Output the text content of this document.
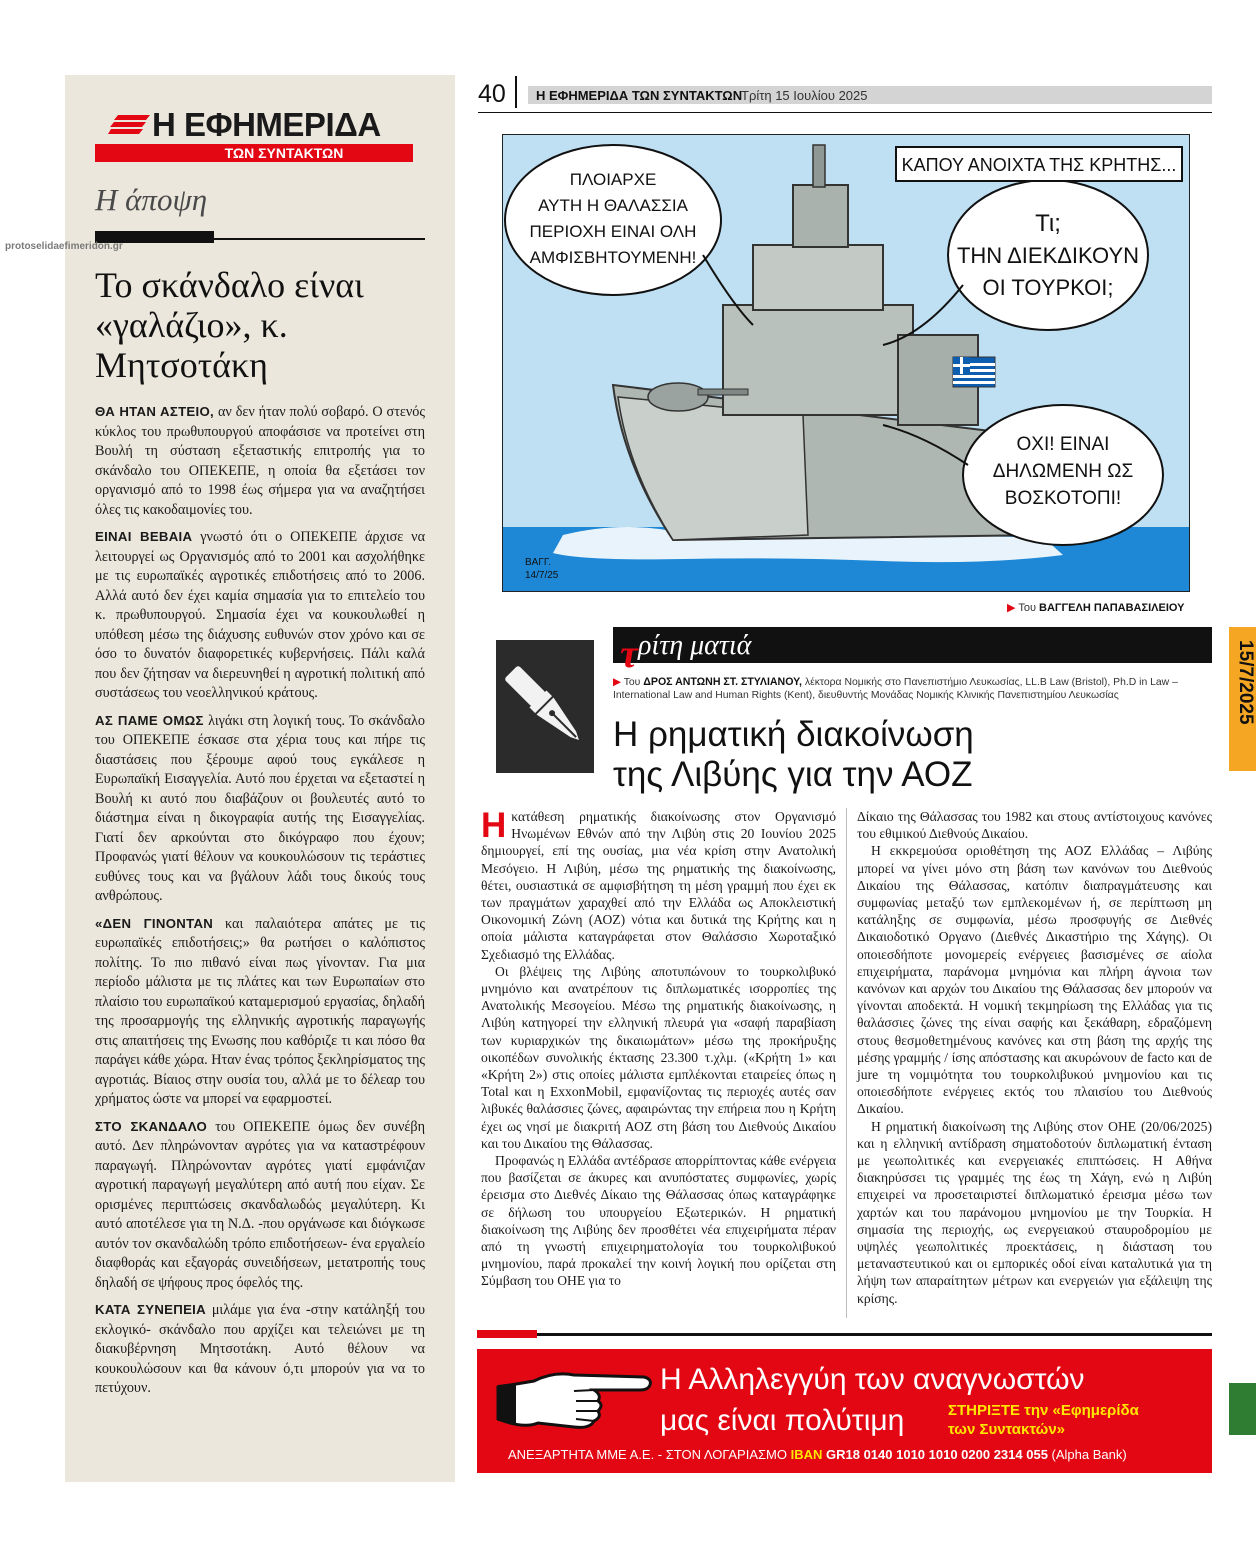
Η ΕΦΗΜΕΡΙΔΑ
ΤΩΝ ΣΥΝΤΑΚΤΩΝ
Η άποψη
protoselidaefimeridon.gr
Το σκάνδαλο είναι «γαλάζιο», κ. Μητσοτάκη

ΘΑ ΗΤΑΝ ΑΣΤΕΙΟ, αν δεν ήταν πολύ σοβαρό. Ο στενός κύκλος του πρωθυπουργού αποφάσισε να προτείνει στη Βουλή τη σύσταση εξεταστικής επιτροπής για το σκάνδαλο του ΟΠΕΚΕΠΕ, η οποία θα εξετάσει τον οργανισμό από το 1998 έως σήμερα για να αναζητήσει όλες τις κακοδαιμονίες του.

ΕΙΝΑΙ ΒΕΒΑΙΑ γνωστό ότι ο ΟΠΕΚΕΠΕ άρχισε να λειτουργεί ως Οργανισμός από το 2001 και ασχολήθηκε με τις ευρωπαϊκές αγροτικές επιδοτήσεις από το 2006. Αλλά αυτό δεν έχει καμία σημασία για το επιτελείο του κ. πρωθυπουργού. Σημασία έχει να κουκουλωθεί η υπόθεση μέσω της διάχυσης ευθυνών στον χρόνο και σε όσο το δυνατόν διαφορετικές κυβερνήσεις. Πάλι καλά που δεν ζήτησαν να διερευνηθεί η αγροτική πολιτική από συστάσεως του νεοελληνικού κράτους.

ΑΣ ΠΑΜΕ ΟΜΩΣ λιγάκι στη λογική τους. Το σκάνδαλο του ΟΠΕΚΕΠΕ έσκασε στα χέρια τους και πήρε τις διαστάσεις που ξέρουμε αφού τους εγκάλεσε η Ευρωπαϊκή Εισαγγελία. Αυτό που έρχεται να εξεταστεί η Βουλή κι αυτό που διαβάζουν οι βουλευτές αυτό το διάστημα είναι η δικογραφία αυτής της Εισαγγελίας. Γιατί δεν αρκούνται στο δικόγραφο που έχουν; Προφανώς γιατί θέλουν να κουκουλώσουν τις τεράστιες ευθύνες τους και να βγάλουν λάδι τους δικούς τους ανθρώπους.

«ΔΕΝ ΓΙΝΟΝΤΑΝ και παλαιότερα απάτες με τις ευρωπαϊκές επιδοτήσεις;» θα ρωτήσει ο καλόπιστος πολίτης. Το πιο πιθανό είναι πως γίνονταν. Για μια περίοδο μάλιστα με τις πλάτες και των Ευρωπαίων στο πλαίσιο του ευρωπαϊκού καταμερισμού εργασίας, δηλαδή της προσαρμογής της ελληνικής αγροτικής παραγωγής στις απαιτήσεις της Ενωσης που καθόριζε τι και πόσο θα παράγει κάθε χώρα. Ηταν ένας τρόπος ξεκληρίσματος της αγροτιάς. Βίαιος στην ουσία του, αλλά με το δέλεαρ του χρήματος ώστε να μπορεί να εφαρμοστεί.

ΣΤΟ ΣΚΑΝΔΑΛΟ του ΟΠΕΚΕΠΕ όμως δεν συνέβη αυτό. Δεν πληρώνονταν αγρότες για να καταστρέφουν παραγωγή. Πληρώνονταν αγρότες γιατί εμφάνιζαν αγροτική παραγωγή μεγαλύτερη από αυτή που είχαν. Σε ορισμένες περιπτώσεις σκανδαλωδώς μεγαλύτερη. Κι αυτό αποτέλεσε για τη Ν.Δ. -που οργάνωσε και διόγκωσε αυτόν τον σκανδαλώδη τρόπο επιδοτήσεων- ένα εργαλείο διαφθοράς και εξαγοράς συνειδήσεων, μετατροπής τους δηλαδή σε ψήφους προς όφελός της.

ΚΑΤΑ ΣΥΝΕΠΕΙΑ μιλάμε για ένα -στην κατάληξή του εκλογικό- σκάνδαλο που αρχίζει και τελειώνει με τη διακυβέρνηση Μητσοτάκη. Αυτό θέλουν να κουκουλώσουν και θα κάνουν ό,τι μπορούν για να το πετύχουν.

40 Η ΕΦΗΜΕΡΙΔΑ ΤΩΝ ΣΥΝΤΑΚΤΩΝ
Τρίτη 15 Ιουλίου 2025
ΚΑΠΟΥ ΑΝΟΙΧΤΑ ΤΗΣ ΚΡΗΤΗΣ...
ΠΛΟΙΑΡΧΕ
ΑΥΤΗ Η ΘΑΛΑΣΣΙΑ
ΠΕΡΙΟΧΗ ΕΙΝΑΙ ΟΛΗ
ΑΜΦΙΣΒΗΤΟΥΜΕΝΗ!
Τι;
ΤΗΝ ΔΙΕΚΔΙΚΟΥΝ
ΟΙ ΤΟΥΡΚΟΙ;
ΟΧΙ! ΕΙΝΑΙ
ΔΗΛΩΜΕΝΗ ΩΣ
ΒΟΣΚΟΤΟΠΙ!
ΒΑΓΓ.
14/7/25
▶ Του ΒΑΓΓΕΛΗ ΠΑΠΑΒΑΣΙΛΕΙΟΥ
15/7/2025
τ ρίτη ματιά
▶ Του ΔΡΟΣ ΑΝΤΩΝΗ ΣΤ. ΣΤΥΛΙΑΝΟΥ, λέκτορα Νομικής στο Πανεπιστήμιο Λευκωσίας, LL.B Law (Bristol), Ph.D in Law – International Law and Human Rights (Kent), διευθυντής Μονάδας Νομικής Κλινικής Πανεπιστημίου Λευκωσίας
Η ρηματική διακοίνωση
της Λιβύης για την ΑΟΖ

Ηκατάθεση ρηματικής διακοίνωσης στον Οργανισμό Ηνωμένων Εθνών από την Λιβύη στις 20 Ιουνίου 2025 δημιουργεί, επί της ουσίας, μια νέα κρίση στην Ανατολική Μεσόγειο. Η Λιβύη, μέσω της ρηματικής της διακοίνωσης, θέτει, ουσιαστικά σε αμφισβήτηση τη μέση γραμμή που έχει εκ των πραγμάτων χαραχθεί από την Ελλάδα ως Αποκλειστική Οικονομική Ζώνη (ΑΟΖ) νότια και δυτικά της Κρήτης και η οποία μάλιστα καταγράφεται στον Θαλάσσιο Χωροταξικό Σχεδιασμό της Ελλάδας.

Οι βλέψεις της Λιβύης αποτυπώνουν το τουρκολιβυκό μνημόνιο και ανατρέπουν τις διπλωματικές ισορροπίες της Ανατολικής Μεσογείου. Μέσω της ρηματικής διακοίνωσης, η Λιβύη κατηγορεί την ελληνική πλευρά για «σαφή παραβίαση των κυριαρχικών της δικαιωμάτων» μέσω της προκήρυξης οικοπέδων συνολικής έκτασης 23.300 τ.χλμ. («Κρήτη 1» και «Κρήτη 2») στις οποίες μάλιστα εμπλέκονται εταιρείες όπως η Total και η ExxonMobil, εμφανίζοντας τις περιοχές αυτές σαν λιβυκές θαλάσσιες ζώνες, αφαιρώντας την επήρεια που η Κρήτη έχει ως νησί με διακριτή ΑΟΖ στη βάση του Διεθνούς Δικαίου και του Δικαίου της Θάλασσας.

Προφανώς η Ελλάδα αντέδρασε απορρίπτοντας κάθε ενέργεια που βασίζεται σε άκυρες και ανυπόστατες συμφωνίες, χωρίς έρεισμα στο Διεθνές Δίκαιο της Θάλασσας όπως καταγράφηκε σε δήλωση του υπουργείου Εξωτερικών. Η ρηματική διακοίνωση της Λιβύης δεν προσθέτει νέα επιχειρήματα πέραν από τη γνωστή επιχειρηματολογία του τουρκολιβυκού μνημονίου, παρά προκαλεί την κοινή λογική που ορίζεται στη Σύμβαση του ΟΗΕ για το

Δίκαιο της Θάλασσας του 1982 και στους αντίστοιχους κανόνες του εθιμικού Διεθνούς Δικαίου.

Η εκκρεμούσα οριοθέτηση της ΑΟΖ Ελλάδας – Λιβύης μπορεί να γίνει μόνο στη βάση των κανόνων του Διεθνούς Δικαίου της Θάλασσας, κατόπιν διαπραγμάτευσης και συμφωνίας μεταξύ των εμπλεκομένων ή, σε περίπτωση μη κατάληξης σε συμφωνία, μέσω προσφυγής σε Διεθνές Δικαιοδοτικό Οργανο (Διεθνές Δικαστήριο της Χάγης). Οι οποιεσδήποτε μονομερείς ενέργειες βασισμένες σε αίολα επιχειρήματα, παράνομα μνημόνια και πλήρη άγνοια των κανόνων και αρχών του Δικαίου της Θάλασσας δεν μπορούν να γίνονται αποδεκτά. Η νομική τεκμηρίωση της Ελλάδας για τις θαλάσσιες ζώνες της είναι σαφής και ξεκάθαρη, εδραζόμενη στους θεσμοθετημένους κανόνες και στη βάση της αρχής της μέσης γραμμής / ίσης απόστασης και ακυρώνουν de facto και de jure τη νομιμότητα του τουρκολιβυκού μνημονίου και τις οποιεσδήποτε ενέργειες εκτός του πλαισίου του Διεθνούς Δικαίου.

Η ρηματική διακοίνωση της Λιβύης στον ΟΗΕ (20/06/2025) και η ελληνική αντίδραση σηματοδοτούν διπλωματική ένταση με γεωπολιτικές και ενεργειακές επιπτώσεις. Η Αθήνα διακηρύσσει τις γραμμές της έως τη Χάγη, ενώ η Λιβύη επιχειρεί να προσεταιριστεί διπλωματικό έρεισμα μέσω των χαρτών και του παράνομου μνημονίου με την Τουρκία. Η σημασία της περιοχής, ως ενεργειακού σταυροδρομίου με υψηλές γεωπολιτικές προεκτάσεις, η διάσταση του μεταναστευτικού και οι εμπορικές οδοί είναι καταλυτικά για τη λήψη των απαραίτητων μέτρων και ενεργειών για εξάλειψη της κρίσης.

Η Αλληλεγγύη των αναγνωστών
μας είναι πολύτιμη	ΣΤΗΡΙΞΤΕ την «Εφημερίδα
των Συντακτών»
ΑΝΕΞΑΡΤΗΤΑ ΜΜΕ Α.Ε. - ΣΤΟΝ ΛΟΓΑΡΙΑΣΜΟ IBAN GR18 0140 1010 1010 0200 2314 055 (Alpha Bank)
